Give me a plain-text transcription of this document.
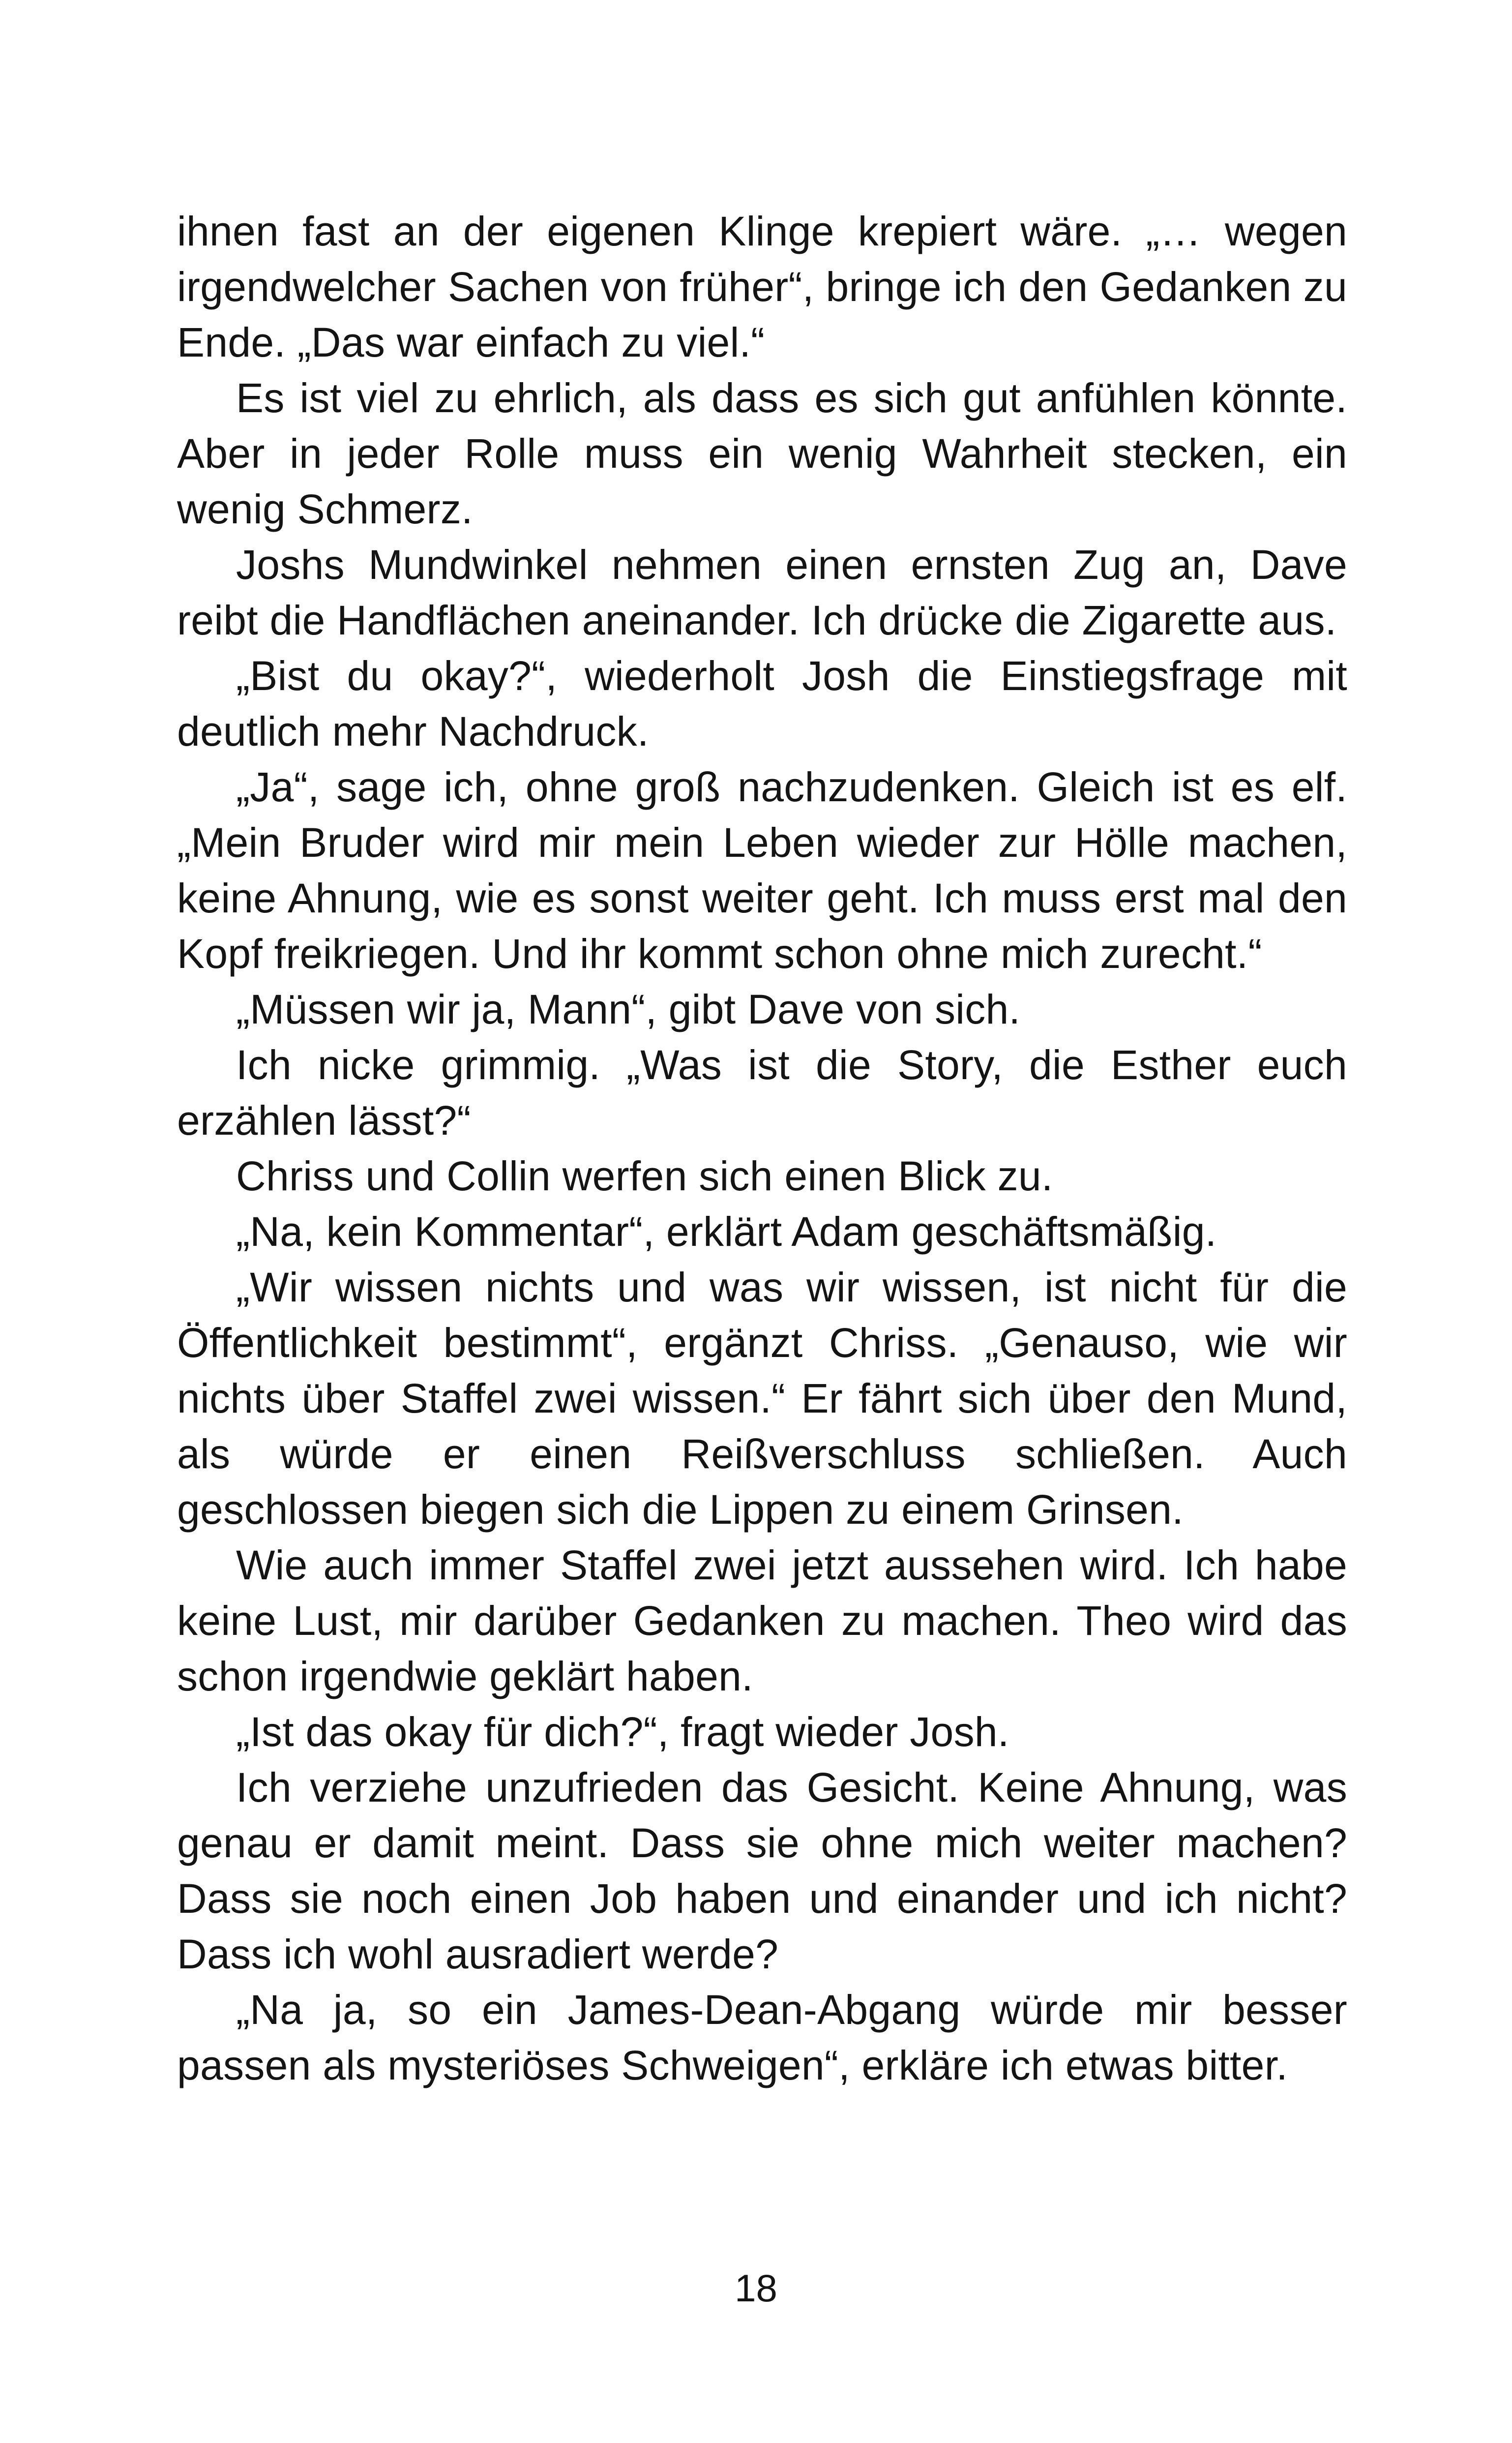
ihnen fast an der eigenen Klinge krepiert wäre. „… wegen irgendwelcher Sachen von früher“, bringe ich den Gedanken zu Ende. „Das war einfach zu viel.“

Es ist viel zu ehrlich, als dass es sich gut anfühlen könnte. Aber in jeder Rolle muss ein wenig Wahrheit stecken, ein wenig Schmerz.

Joshs Mundwinkel nehmen einen ernsten Zug an, Dave reibt die Handflächen aneinander. Ich drücke die Zigarette aus.

„Bist du okay?“, wiederholt Josh die Einstiegsfrage mit deutlich mehr Nachdruck.

„Ja“, sage ich, ohne groß nachzudenken. Gleich ist es elf. „Mein Bruder wird mir mein Leben wieder zur Hölle machen, keine Ahnung, wie es sonst weiter geht. Ich muss erst mal den Kopf freikriegen. Und ihr kommt schon ohne mich zurecht.“

„Müssen wir ja, Mann“, gibt Dave von sich.

Ich nicke grimmig. „Was ist die Story, die Esther euch erzählen lässt?“

Chriss und Collin werfen sich einen Blick zu.

„Na, kein Kommentar“, erklärt Adam geschäftsmäßig.

„Wir wissen nichts und was wir wissen, ist nicht für die Öffentlichkeit bestimmt“, ergänzt Chriss. „Genauso, wie wir nichts über Staffel zwei wissen.“ Er fährt sich über den Mund, als würde er einen Reißverschluss schließen. Auch geschlossen biegen sich die Lippen zu einem Grinsen.

Wie auch immer Staffel zwei jetzt aussehen wird. Ich habe keine Lust, mir darüber Gedanken zu machen. Theo wird das schon irgendwie geklärt haben.

„Ist das okay für dich?“, fragt wieder Josh.

Ich verziehe unzufrieden das Gesicht. Keine Ahnung, was genau er damit meint. Dass sie ohne mich weiter machen? Dass sie noch einen Job haben und einander und ich nicht? Dass ich wohl ausradiert werde?

„Na ja, so ein James-Dean-Abgang würde mir besser passen als mysteriöses Schweigen“, erkläre ich etwas bitter.

18
